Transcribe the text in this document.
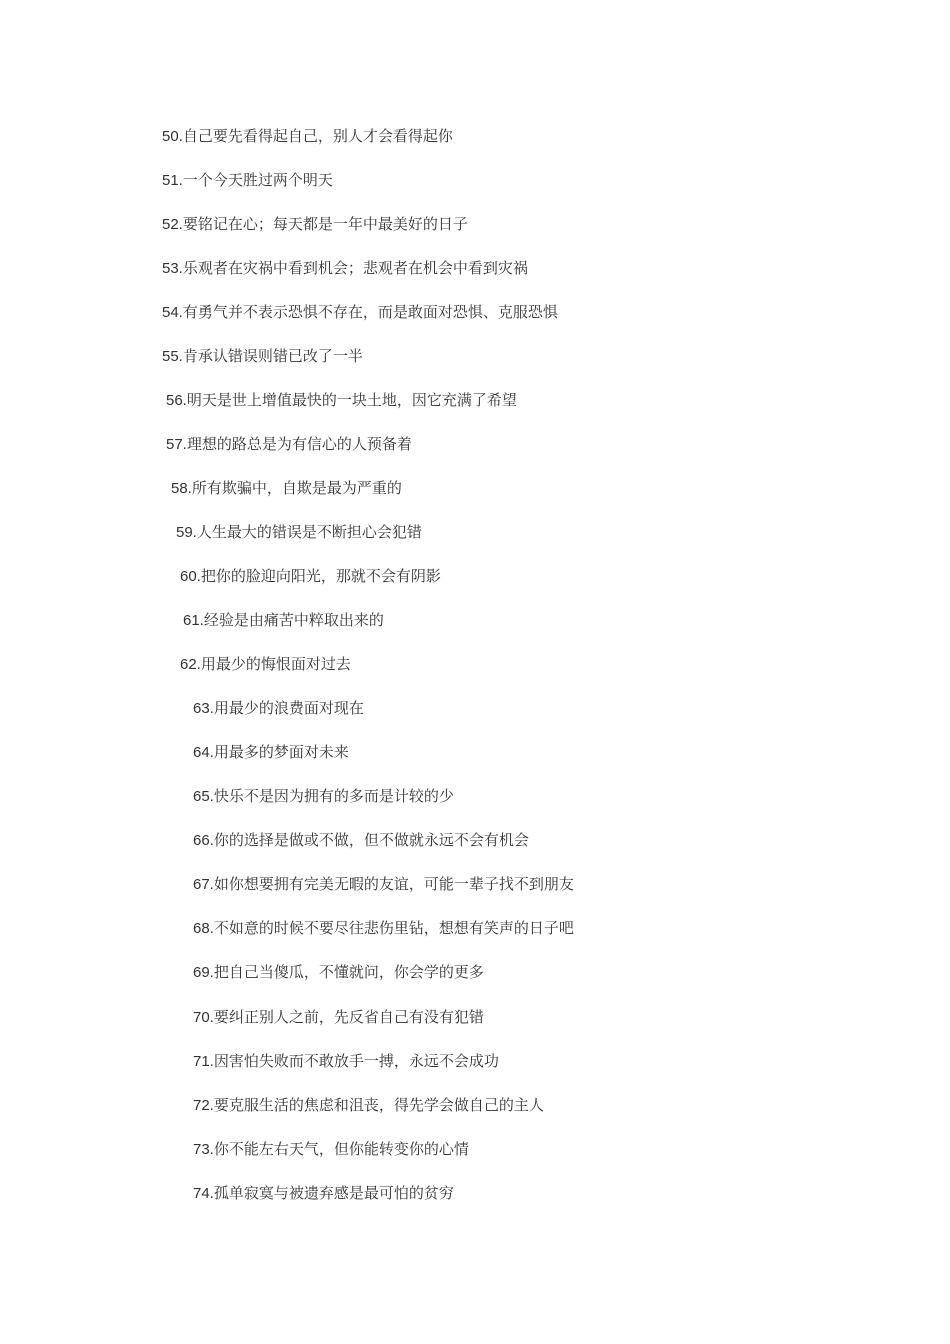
50.自己要先看得起自己，别人才会看得起你
51.一个今天胜过两个明天
52.要铭记在心；每天都是一年中最美好的日子
53.乐观者在灾祸中看到机会；悲观者在机会中看到灾祸
54.有勇气并不表示恐惧不存在，而是敢面对恐惧、克服恐惧
55.肯承认错误则错已改了一半
56.明天是世上增值最快的一块土地，因它充满了希望
57.理想的路总是为有信心的人预备着
58.所有欺骗中，自欺是最为严重的
59.人生最大的错误是不断担心会犯错
60.把你的脸迎向阳光，那就不会有阴影
61.经验是由痛苦中粹取出来的
62.用最少的悔恨面对过去
63.用最少的浪费面对现在
64.用最多的梦面对未来
65.快乐不是因为拥有的多而是计较的少
66.你的选择是做或不做，但不做就永远不会有机会
67.如你想要拥有完美无暇的友谊，可能一辈子找不到朋友
68.不如意的时候不要尽往悲伤里钻，想想有笑声的日子吧
69.把自己当傻瓜，不懂就问，你会学的更多
70.要纠正别人之前，先反省自己有没有犯错
71.因害怕失败而不敢放手一搏，永远不会成功
72.要克服生活的焦虑和沮丧，得先学会做自己的主人
73.你不能左右天气，但你能转变你的心情
74.孤单寂寞与被遗弃感是最可怕的贫穷
